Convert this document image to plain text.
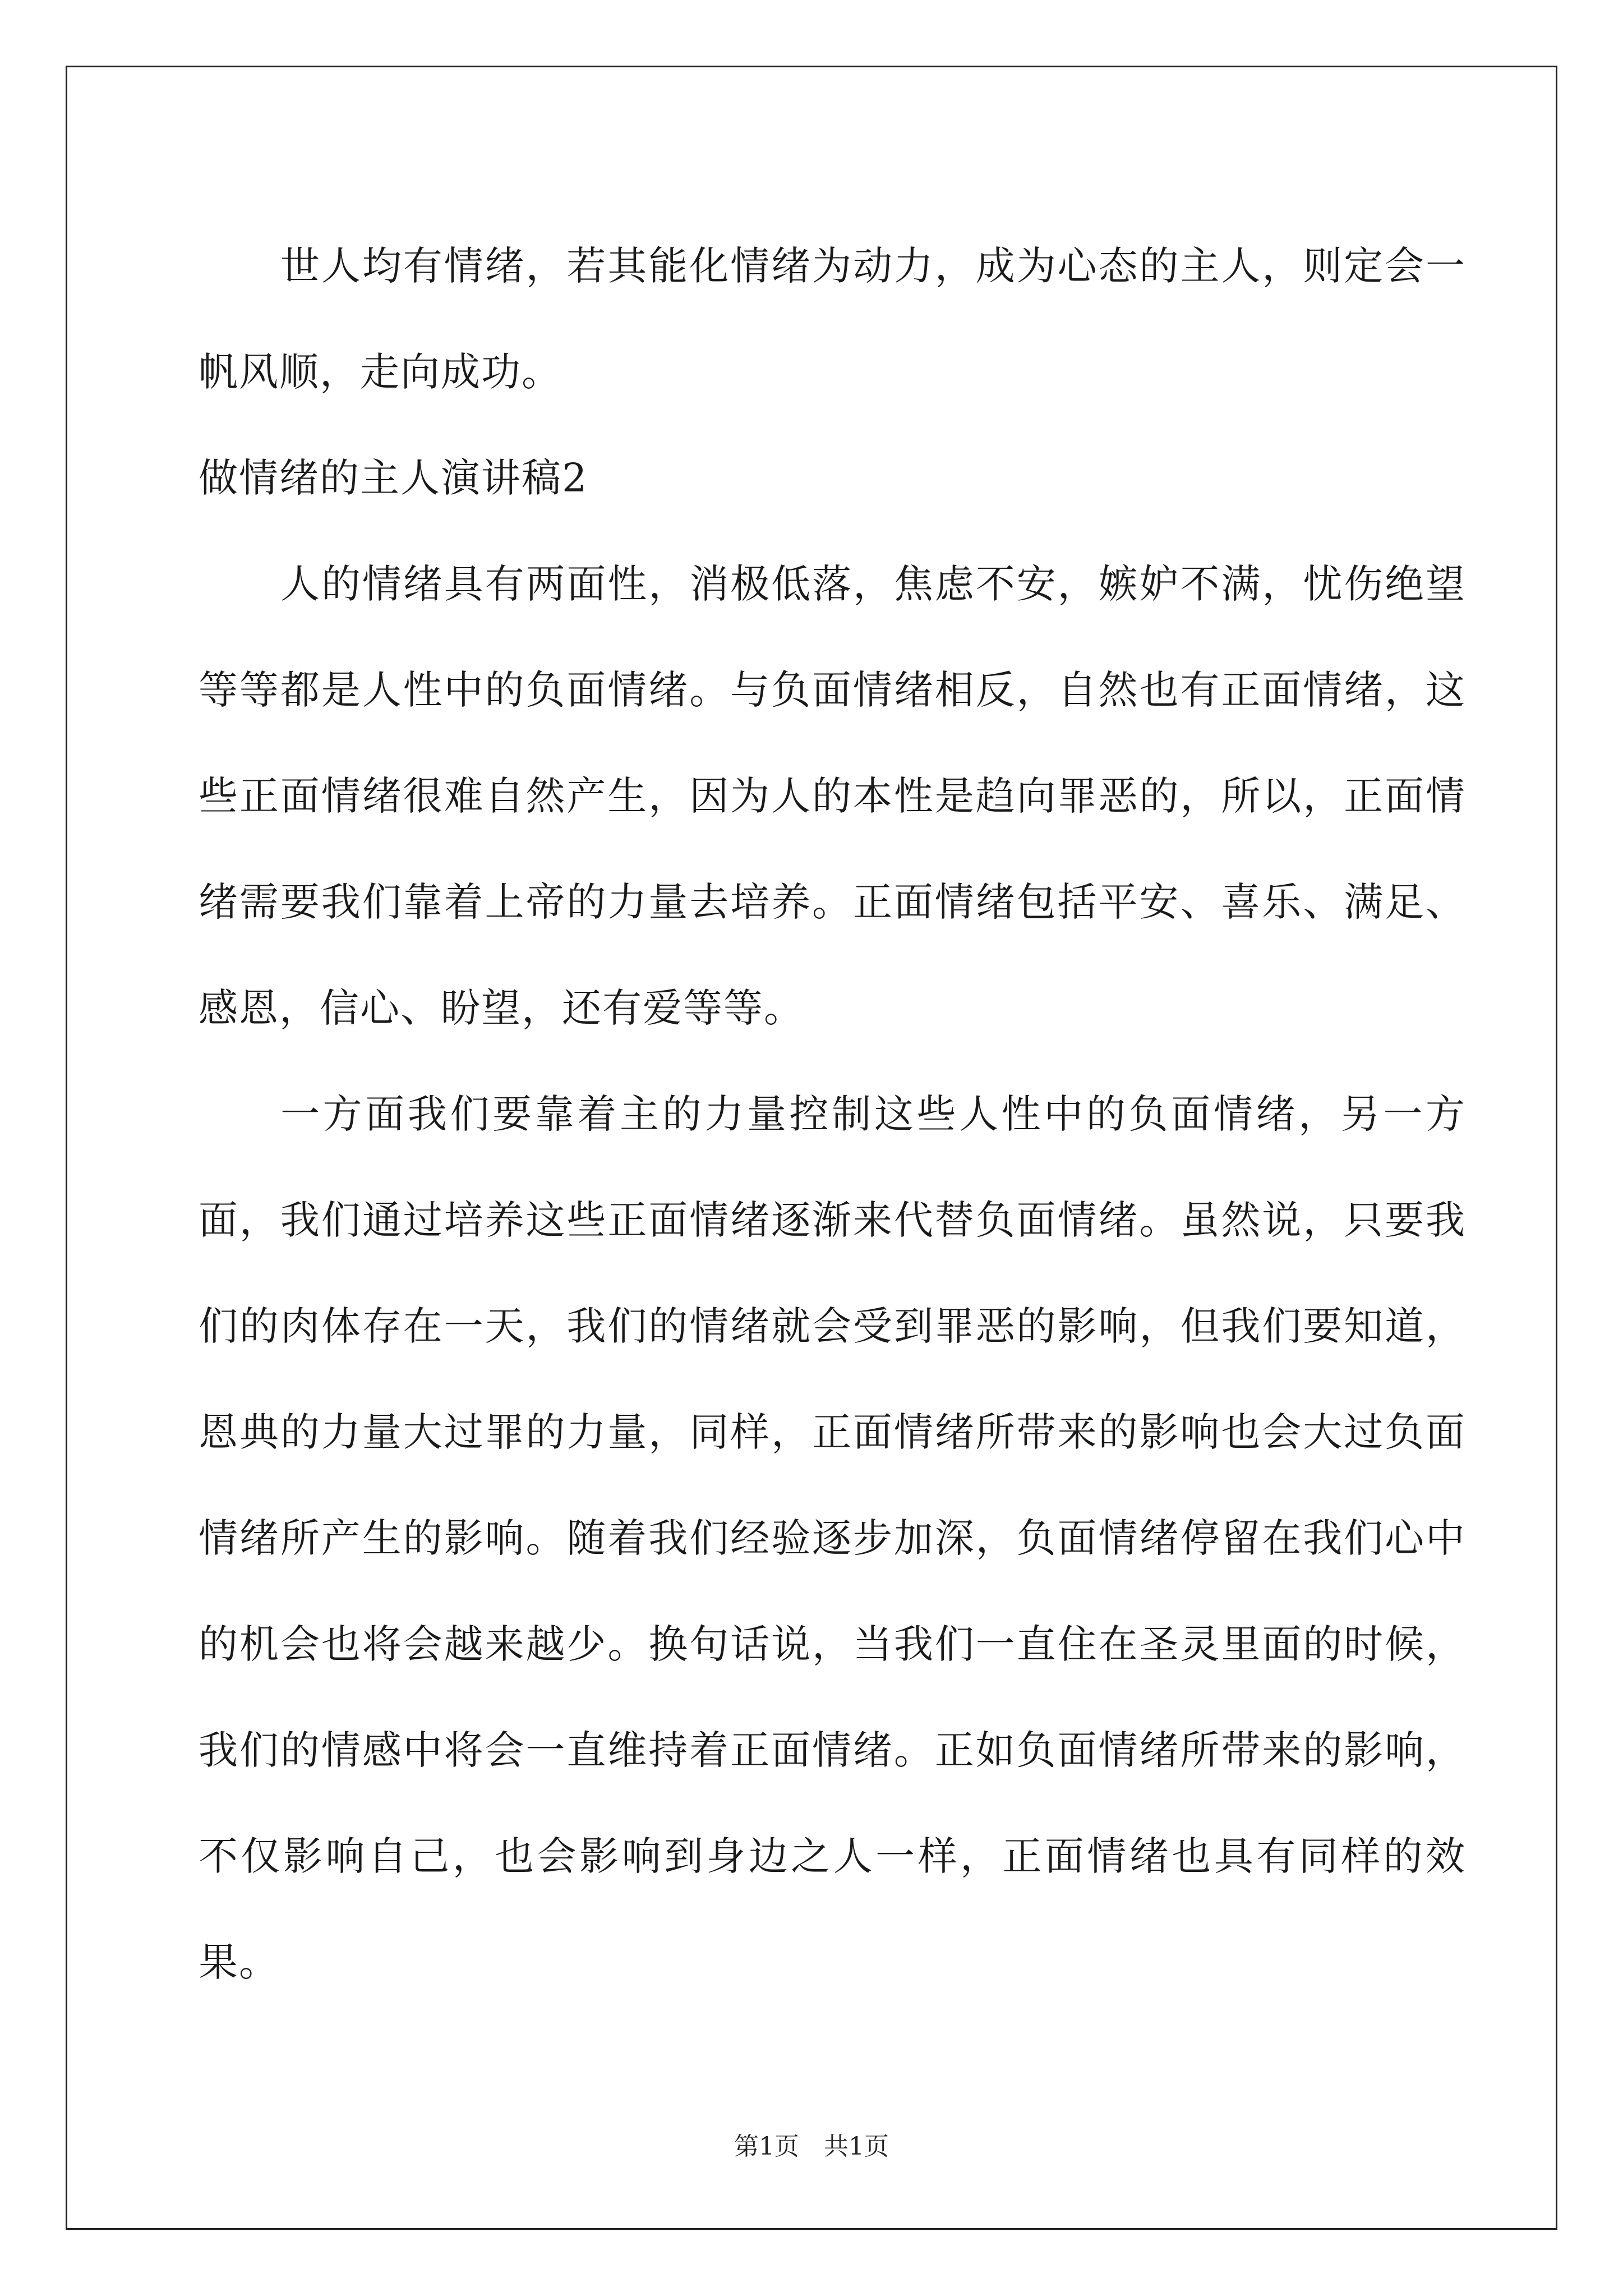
世人均有情绪，若其能化情绪为动力，成为心态的主人，则定会一帆风顺，走向成功。

做情绪的主人演讲稿2

人的情绪具有两面性，消极低落，焦虑不安，嫉妒不满，忧伤绝望等等都是人性中的负面情绪。与负面情绪相反，自然也有正面情绪，这些正面情绪很难自然产生，因为人的本性是趋向罪恶的，所以，正面情绪需要我们靠着上帝的力量去培养。正面情绪包括平安、喜乐、满足、感恩，信心、盼望，还有爱等等。

一方面我们要靠着主的力量控制这些人性中的负面情绪，另一方面，我们通过培养这些正面情绪逐渐来代替负面情绪。虽然说，只要我们的肉体存在一天，我们的情绪就会受到罪恶的影响，但我们要知道，恩典的力量大过罪的力量，同样，正面情绪所带来的影响也会大过负面情绪所产生的影响。随着我们经验逐步加深，负面情绪停留在我们心中的机会也将会越来越少。换句话说，当我们一直住在圣灵里面的时候，我们的情感中将会一直维持着正面情绪。正如负面情绪所带来的影响，不仅影响自己，也会影响到身边之人一样，正面情绪也具有同样的效果。

第1页　共1页
